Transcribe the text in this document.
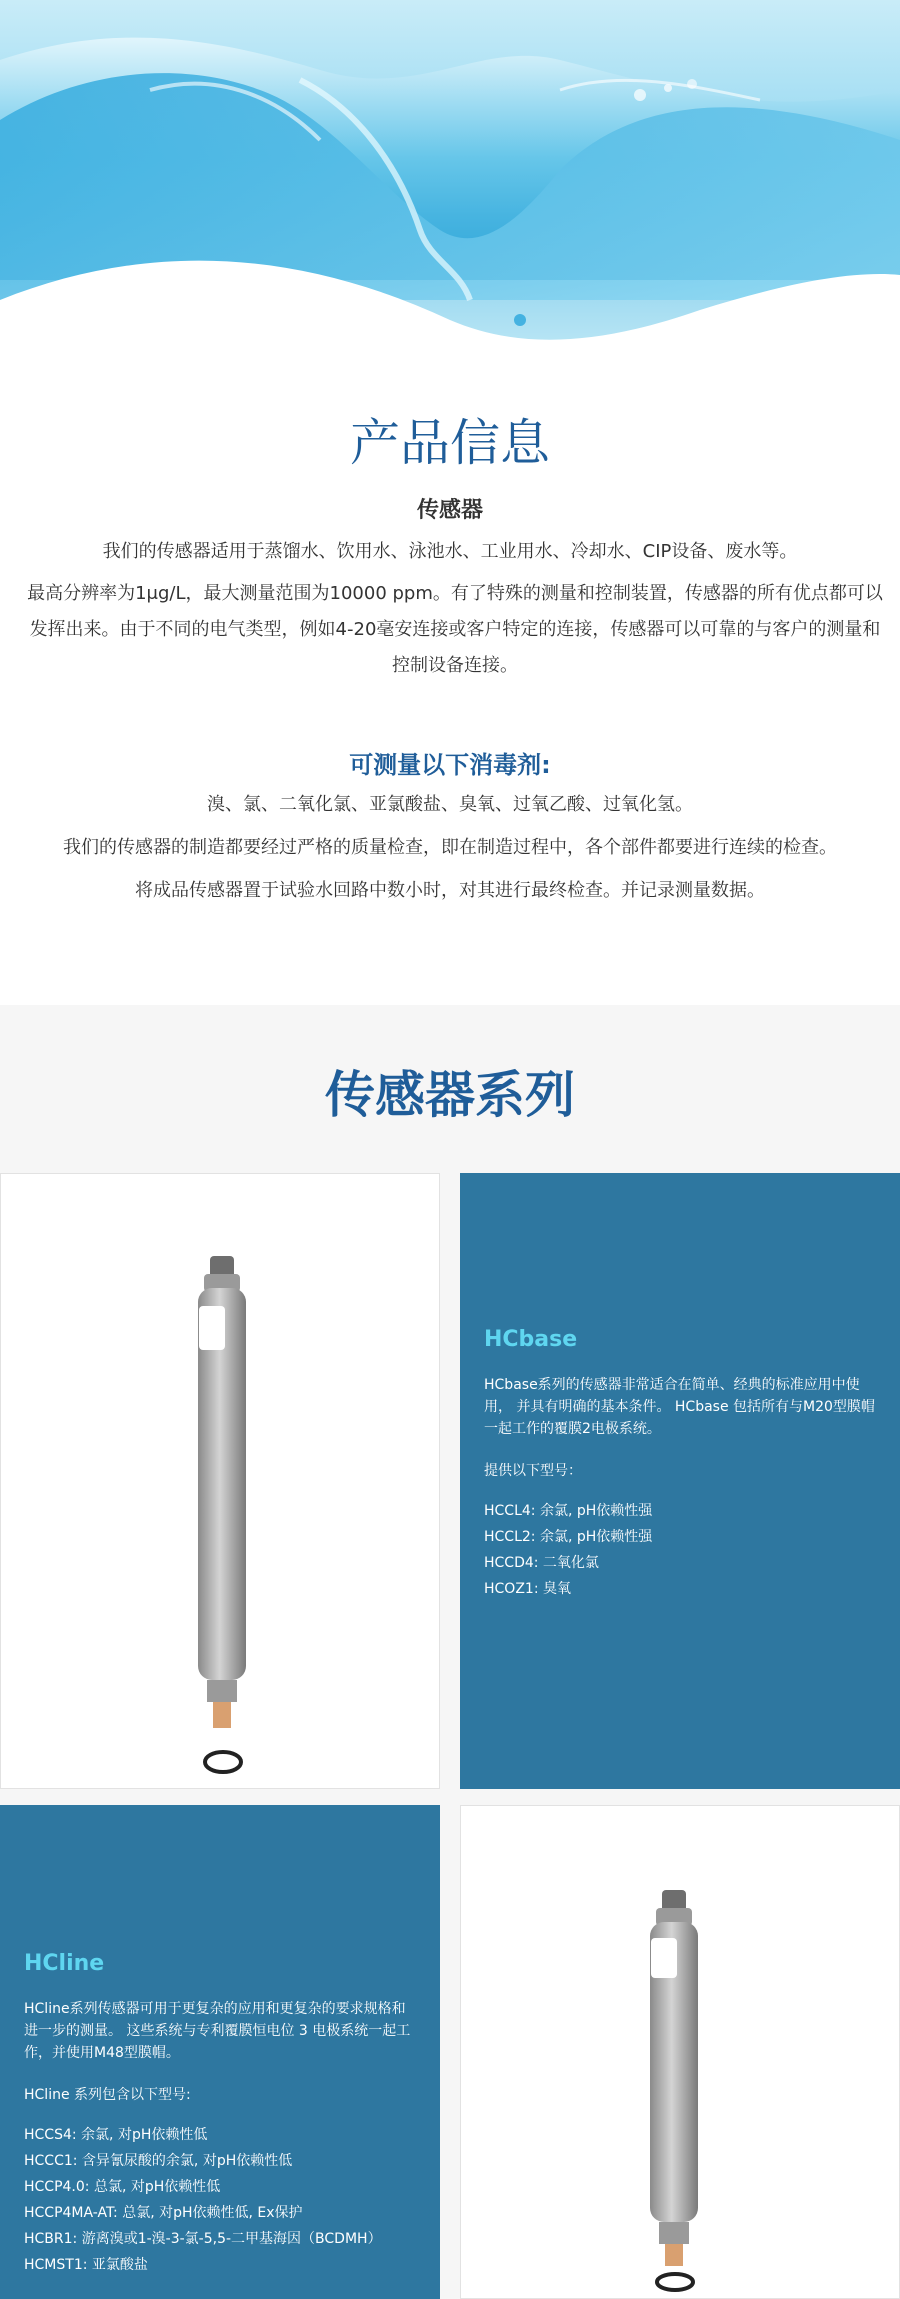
产品信息
传感器

我们的传感器适用于蒸馏水、饮用水、泳池水、工业用水、冷却水、CIP设备、废水等。

最高分辨率为1μg/L，最大测量范围为10000 ppm。有了特殊的测量和控制装置，传感器的所有优点都可以发挥出来。由于不同的电气类型，例如4-20毫安连接或客户特定的连接，传感器可以可靠的与客户的测量和控制设备连接。

可测量以下消毒剂:

溴、氯、二氧化氯、亚氯酸盐、臭氧、过氧乙酸、过氧化氢。

我们的传感器的制造都要经过严格的质量检查，即在制造过程中，各个部件都要进行连续的检查。

将成品传感器置于试验水回路中数小时，对其进行最终检查。并记录测量数据。

传感器系列
HCbase

HCbase系列的传感器非常适合在简单、经典的标准应用中使用， 并具有明确的基本条件。 HCbase 包括所有与M20型膜帽一起工作的覆膜2电极系统。

提供以下型号：

HCCL4: 余氯, pH依赖性强
HCCL2: 余氯, pH依赖性强
HCCD4: 二氧化氯
HCOZ1: 臭氧
HCline

HCline系列传感器可用于更复杂的应用和更复杂的要求规格和进一步的测量。 这些系统与专利覆膜恒电位 3 电极系统一起工作，并使用M48型膜帽。

HCline 系列包含以下型号:

HCCS4: 余氯, 对pH依赖性低
HCCC1: 含异氰尿酸的余氯, 对pH依赖性低
HCCP4.0: 总氯, 对pH依赖性低
HCCP4MA-AT: 总氯, 对pH依赖性低, Ex保护
HCBR1: 游离溴或1-溴-3-氯-5,5-二甲基海因（BCDMH）
HCMST1: 亚氯酸盐
